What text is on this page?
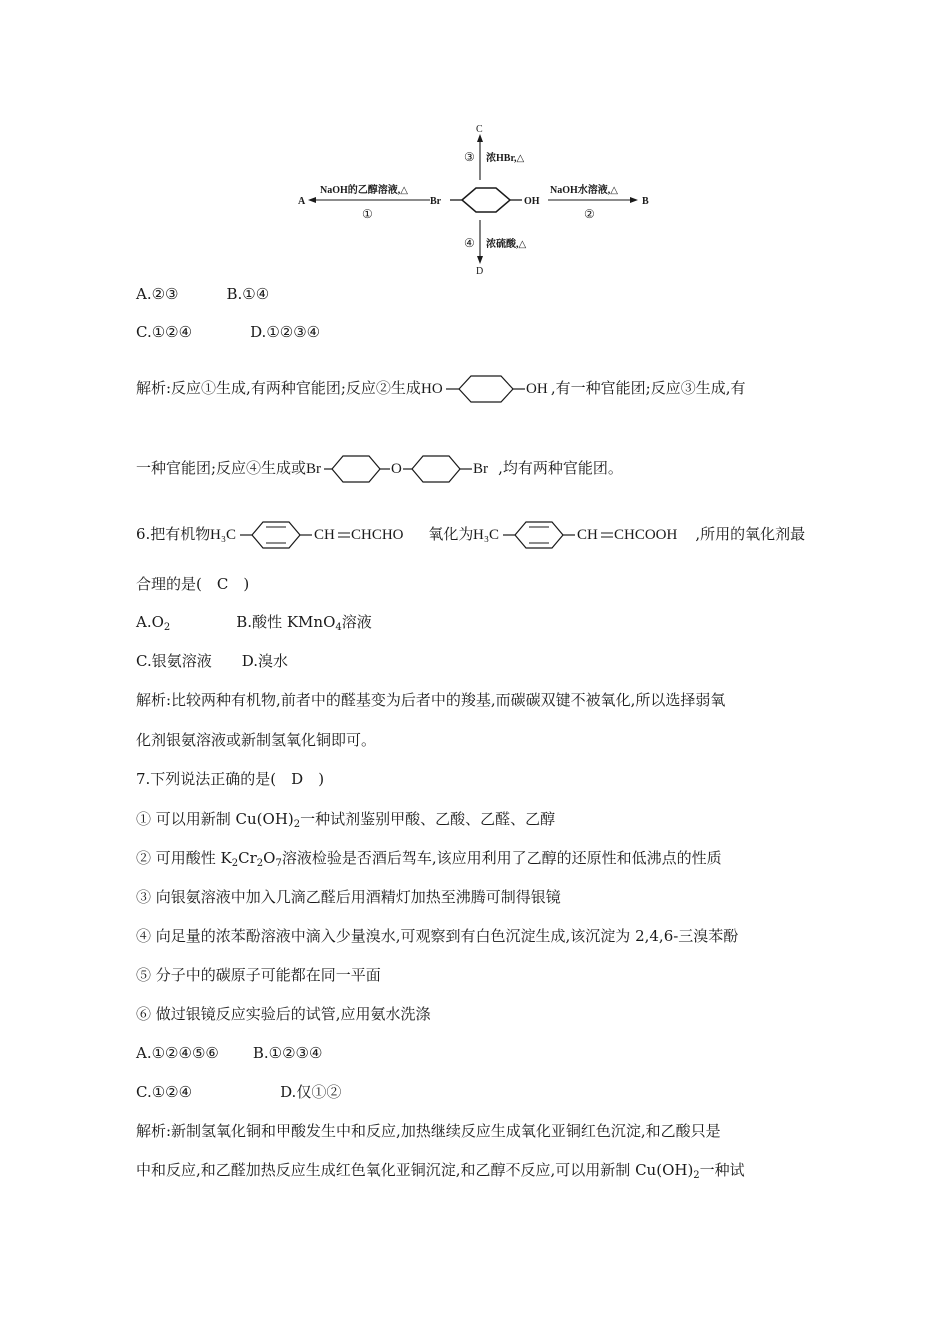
C
③ 浓HBr,△
A
NaOH的乙醇溶液,△
①
Br	OH	B
NaOH水溶液,△
②
④ 浓硫酸,△
D
A.②③	B.①④
C.①②④	D.①②③④
解析:反应①生成,有两种官能团;反应②生成 HO	OH ,有一种官能团;反应③生成,有
一种官能团;反应④生成或 Br	O	Br ,均有两种官能团。
6.把有机物 H₃C	CH CHCHO 氧化为 H₃C	CH CHCOOH ,所用的氧化剂最
合理的是(　C　)
$A.O_2$	B.酸性 KMnO$_4$溶液
C.银氨溶液 D.溴水
解析:比较两种有机物,前者中的醛基变为后者中的羧基,而碳碳双键不被氧化,所以选择弱氧
化剂银氨溶液或新制氢氧化铜即可。
7.下列说法正确的是(　D　)
① 可以用新制 $Cu(OH)_2$一种试剂鉴别甲酸、乙酸、乙醛、乙醇
② 可用酸性 $K_2Cr_2O_7$溶液检验是否酒后驾车,该应用利用了乙醇的还原性和低沸点的性质
③ 向银氨溶液中加入几滴乙醛后用酒精灯加热至沸腾可制得银镜
④ 向足量的浓苯酚溶液中滴入少量溴水,可观察到有白色沉淀生成,该沉淀为 2,4,6-三溴苯酚
⑤ 分子中的碳原子可能都在同一平面
⑥ 做过银镜反应实验后的试管,应用氨水洗涤
A.①②④⑤⑥ B.①②③④
C.①②④	D.仅①②
解析:新制氢氧化铜和甲酸发生中和反应,加热继续反应生成氧化亚铜红色沉淀,和乙酸只是
中和反应,和乙醛加热反应生成红色氧化亚铜沉淀,和乙醇不反应,可以用新制 $Cu(OH)_2$一种试
